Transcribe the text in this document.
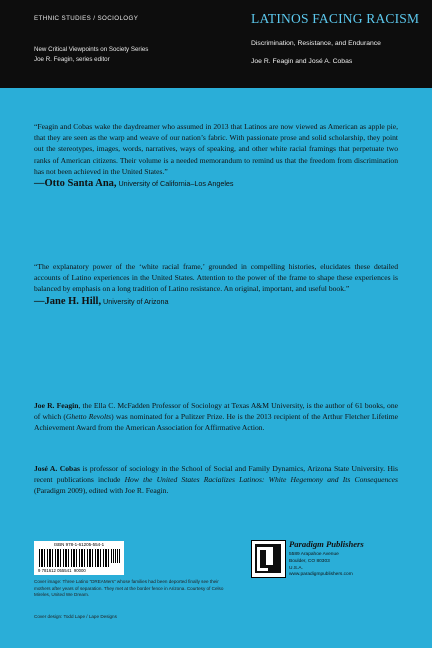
ETHNIC STUDIES / SOCIOLOGY
New Critical Viewpoints on Society Series
Joe R. Feagin, series editor
LATINOS FACING RACISM
Discrimination, Resistance, and Endurance
Joe R. Feagin and José A. Cobas
“Feagin and Cobas wake the daydreamer who assumed in 2013 that Latinos are now viewed as American as apple pie, that they are seen as the warp and weave of our nation’s fabric. With passionate prose and solid scholarship, they point out the stereotypes, images, words, narratives, ways of speaking, and other white racial framings that perpetuate two ranks of American citizens. Their volume is a needed memorandum to remind us that the freedom from discrimination has not been achieved in the United States.”
—Otto Santa Ana, University of California–Los Angeles
“The explanatory power of the ‘white racial frame,’ grounded in compelling histories, elucidates these detailed accounts of Latino experiences in the United States. Attention to the power of the frame to shape these experiences is balanced by emphasis on a long tradition of Latino resistance. An original, important, and useful book.”
—Jane H. Hill, University of Arizona
Joe R. Feagin, the Ella C. McFadden Professor of Sociology at Texas A&M University, is the author of 61 books, one of which (Ghetto Revolts) was nominated for a Pulitzer Prize. He is the 2013 recipient of the Arthur Fletcher Lifetime Achievement Award from the American Association for Affirmative Action.
José A. Cobas is professor of sociology in the School of Social and Family Dynamics, Arizona State University. His recent publications include How the United States Racializes Latinos: White Hegemony and Its Consequences (Paradigm 2009), edited with Joe R. Feagin.
ISBN 978-1-61205-554-1
9 781612 055541 90000
Cover image: Three Latino “DREAMers” whose families had been deported finally see their mothers after years of separation. They met at the border fence in Arizona. Courtesy of Celso Mireles, United We Dream.
Cover design: Todd Lape / Lape Designs
Paradigm Publishers
5589 Arapahoe Avenue
Boulder, CO 80303
U.S.A.
www.paradigmpublishers.com
